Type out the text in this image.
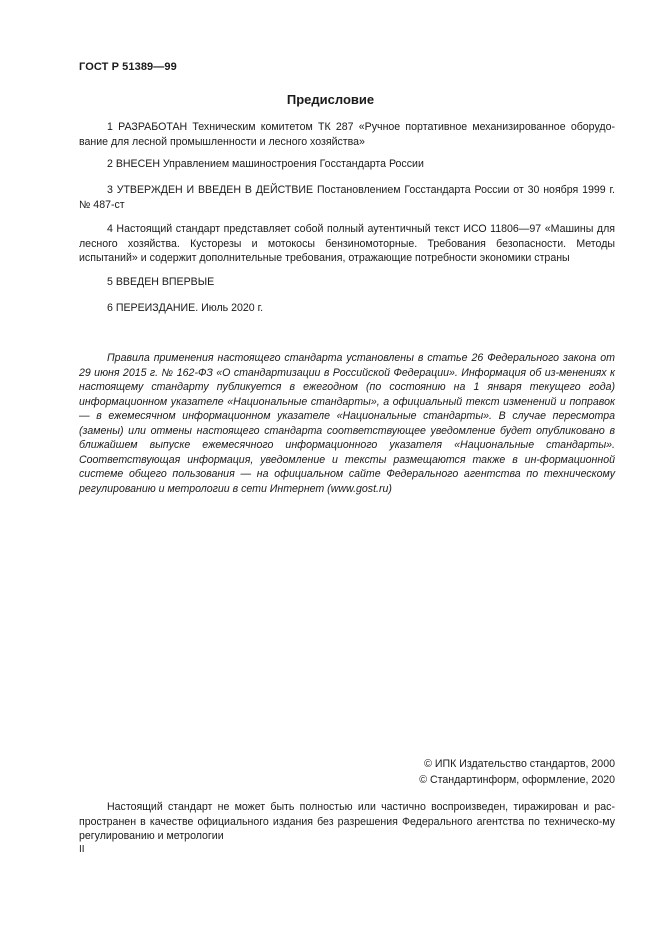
ГОСТ Р 51389—99
Предисловие

1 РАЗРАБОТАН Техническим комитетом ТК 287 «Ручное портативное механизированное оборудо-вание для лесной промышленности и лесного хозяйства»

2 ВНЕСЕН Управлением машиностроения Госстандарта России

3 УТВЕРЖДЕН И ВВЕДЕН В ДЕЙСТВИЕ Постановлением Госстандарта России от 30 ноября 1999 г. № 487-ст

4 Настоящий стандарт представляет собой полный аутентичный текст ИСО 11806—97 «Машины для лесного хозяйства. Кусторезы и мотокосы бензиномоторные. Требования безопасности. Методы испытаний» и содержит дополнительные требования, отражающие потребности экономики страны

5 ВВЕДЕН ВПЕРВЫЕ

6 ПЕРЕИЗДАНИЕ. Июль 2020 г.

Правила применения настоящего стандарта установлены в статье 26 Федерального закона от 29 июня 2015 г. № 162-ФЗ «О стандартизации в Российской Федерации». Информация об из-менениях к настоящему стандарту публикуется в ежегодном (по состоянию на 1 января текущего года) информационном указателе «Национальные стандарты», а официальный текст изменений и поправок — в ежемесячном информационном указателе «Национальные стандарты». В случае пересмотра (замены) или отмены настоящего стандарта соответствующее уведомление будет опубликовано в ближайшем выпуске ежемесячного информационного указателя «Национальные стандарты». Соответствующая информация, уведомление и тексты размещаются также в ин-формационной системе общего пользования — на официальном сайте Федерального агентства по техническому регулированию и метрологии в сети Интернет (www.gost.ru)

© ИПК Издательство стандартов, 2000
© Стандартинформ, оформление, 2020

Настоящий стандарт не может быть полностью или частично воспроизведен, тиражирован и рас-пространен в качестве официального издания без разрешения Федерального агентства по техническо-му регулированию и метрологии

II
